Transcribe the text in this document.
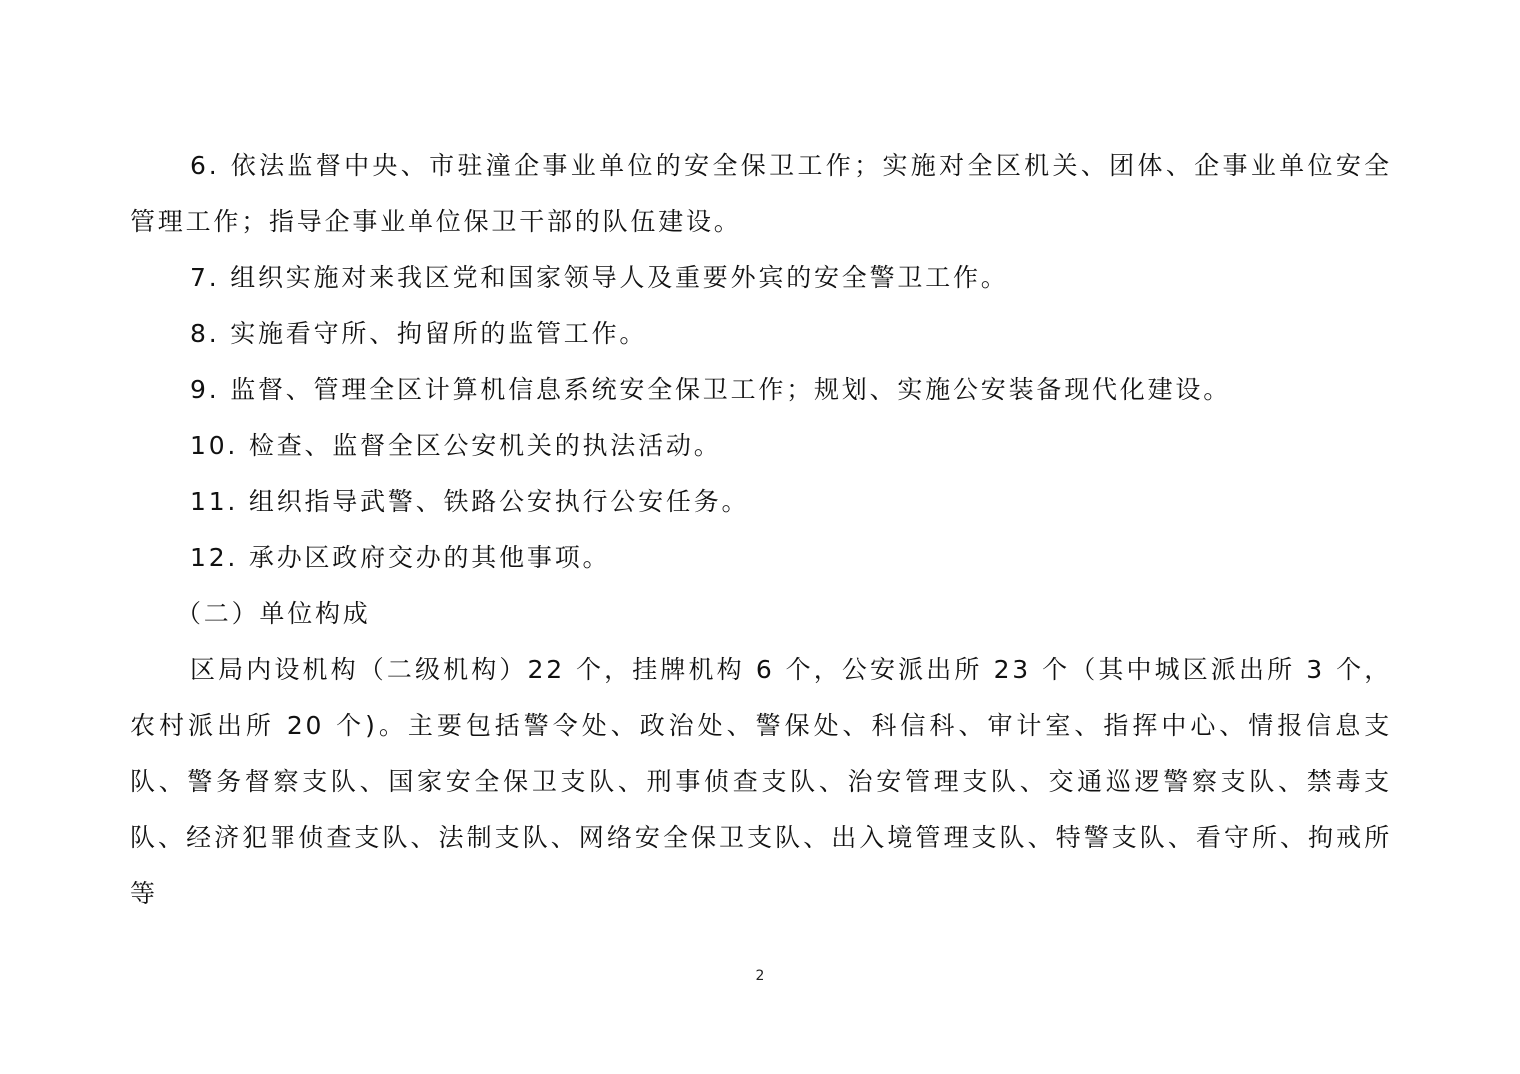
6. 依法监督中央、市驻潼企事业单位的安全保卫工作；实施对全区机关、团体、企事业单位安全管理工作；指导企事业单位保卫干部的队伍建设。

7. 组织实施对来我区党和国家领导人及重要外宾的安全警卫工作。

8. 实施看守所、拘留所的监管工作。

9. 监督、管理全区计算机信息系统安全保卫工作；规划、实施公安装备现代化建设。

10. 检查、监督全区公安机关的执法活动。

11. 组织指导武警、铁路公安执行公安任务。

12. 承办区政府交办的其他事项。

（二）单位构成

区局内设机构（二级机构）22 个，挂牌机构 6 个，公安派出所 23 个（其中城区派出所 3 个，农村派出所 20 个)。主要包括警令处、政治处、警保处、科信科、审计室、指挥中心、情报信息支队、警务督察支队、国家安全保卫支队、刑事侦查支队、治安管理支队、交通巡逻警察支队、禁毒支队、经济犯罪侦查支队、法制支队、网络安全保卫支队、出入境管理支队、特警支队、看守所、拘戒所等

2
